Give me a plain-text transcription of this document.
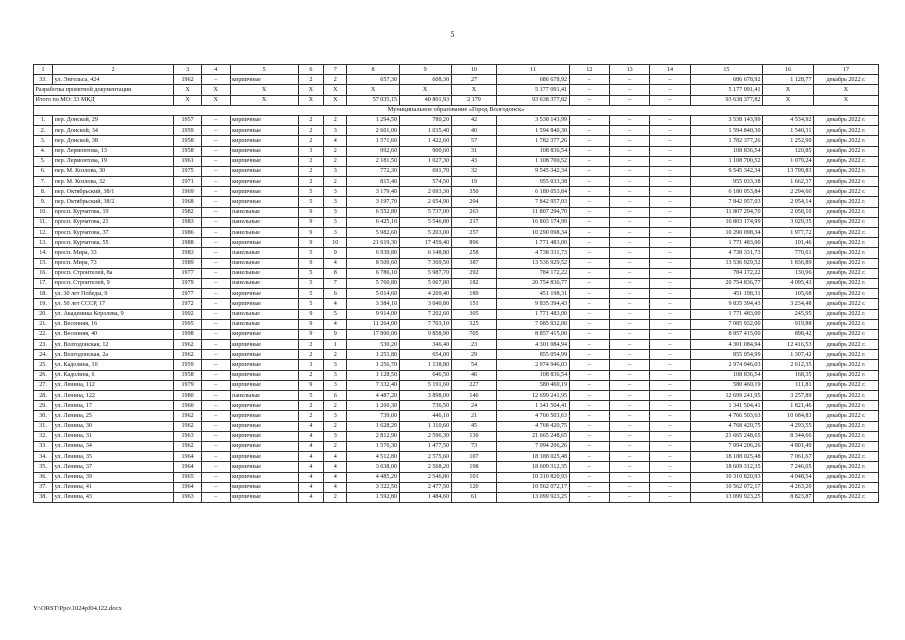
5
1	2	3	4	5	6	7	8	9	10	11	12	13	14	15	16	17
33.	ул. Энгельса, 424	1962	–	кирпичные	2	2	657,30	608,30	27	686 678,92	–	–	–	686 678,92	1 128,77	декабрь 2022 г.
Разработка проектной документации		X	X	X	X	X	X	X	X	5 177 091,41	–	–	–	5 177 091,41	X	X
Итого по МО: 33 МКД		X	X	X	X	X	57 035,15	40 801,93	2 179	93 638 377,82	–	–	–	93 638 377,82	X	X
Муниципальное образование «Город Волгодонск»																
1.	пер. Донской, 29	1957	–	кирпичные	2	2	1 294,50	780,20	42	3 538 143,99	–	–	–	3 538 143,99	4 534,92	декабрь 2022 г.
2.	пер. Донской, 34	1959	–	кирпичные	2	3	2 601,00	1 035,40	40	1 594 840,30	–	–	–	1 594 840,30	1 540,31	декабрь 2022 г.
3.	пер. Донской, 38	1958	–	кирпичные	2	4	1 571,60	1 422,60	57	1 782 377,26	–	–	–	1 782 377,26	1 252,90	декабрь 2022 г.
4.	пер. Лермонтова, 13	1958	–	кирпичные	3	2	992,60	900,60	31	108 836,54	–	–	–	108 836,54	120,85	декабрь 2022 г.
5.	пер. Лермонтова, 19	1961	–	кирпичные	2	2	2 181,50	1 027,30	43	1 108 700,52	–	–	–	1 108 700,52	1 079,24	декабрь 2022 г.
6.	пер. М. Козлова, 30	1975	–	кирпичные	2	3	772,30	691,70	32	9 545 342,34	–	–	–	9 545 342,34	13 799,83	декабрь 2022 г.
7.	пер. М. Козлова, 32	1971	–	кирпичные	2	2	815,40	574,50	19	955 033,38	–	–	–	955 033,38	1 662,37	декабрь 2022 г.
8.	пер. Октябрьский, 38/1	1969	–	кирпичные	5	3	3 179,40	2 693,30	350	6 180 053,84	–	–	–	6 180 053,84	2 294,60	декабрь 2022 г.
9.	пер. Октябрьский, 38/2	1968	–	кирпичные	5	3	3 197,70	2 654,90	204	7 842 957,03	–	–	–	7 842 957,03	2 954,14	декабрь 2022 г.
10.	просп. Курчатова, 19	1982	–	панельные	9	3	6 552,80	5 737,00	263	11 807 294,70	–	–	–	11 807 294,70	2 058,10	декабрь 2022 г.
11.	просп. Курчатова, 21	1983	–	панельные	9	3	6 425,10	5 546,80	217	16 803 174,99	–	–	–	16 803 174,99	3 029,35	декабрь 2022 г.
12.	просп. Курчатова, 37	1986	–	панельные	9	3	5 982,60	5 203,00	257	10 290 098,34	–	–	–	10 290 098,34	1 977,72	декабрь 2022 г.
13.	просп. Курчатова, 55	1988	–	кирпичные	9	10	21 619,30	17 459,40	896	1 771 483,00	–	–	–	1 771 483,00	101,46	декабрь 2022 г.
14.	просп. Мира, 33	1983	–	панельные	5	9	6 939,80	6 148,80	258	4 738 331,73	–	–	–	4 738 331,73	770,61	декабрь 2022 г.
15.	просп. Мира, 73	1989	–	панельные	9	4	8 509,60	7 369,50	387	13 536 929,52	–	–	–	13 536 929,52	1 836,89	декабрь 2022 г.
16.	просп. Строителей, 8а	1977	–	панельные	5	8	6 786,10	5 987,70	292	784 172,22	–	–	–	784 172,22	130,96	декабрь 2022 г.
17.	просп. Строителей, 9	1979	–	панельные	5	7	5 760,80	5 067,80	182	20 754 836,77	–	–	–	20 754 836,77	4 095,43	декабрь 2022 г.
18.	ул. 30 лет Победы, 9	1977	–	кирпичные	5	6	5 014,60	4 269,40	189	451 198,31	–	–	–	451 198,31	105,68	декабрь 2022 г.
19.	ул. 50 лет СССР, 17	1972	–	кирпичные	5	4	3 384,10	3 040,80	151	9 835 394,43	–	–	–	9 835 394,43	3 234,48	декабрь 2022 г.
20.	ул. Академика Королева, 9	1992	–	панельные	9	5	9 914,00	7 202,60	305	1 771 483,00	–	–	–	1 771 483,00	245,95	декабрь 2022 г.
21.	ул. Весенняя, 16	1995	–	панельные	9	4	11 264,00	7 703,10	325	7 085 932,00	–	–	–	7 085 932,00	919,88	декабрь 2022 г.
22.	ул. Весенняя, 40	1998	–	кирпичные	9	9	17 800,00	9 858,90	705	8 857 415,00	–	–	–	8 857 415,00	898,42	декабрь 2022 г.
23.	ул. Волгодонская, 12	1962	–	кирпичные	2	1	530,20	346,40	23	4 301 084,94	–	–	–	4 301 084,94	12 416,53	декабрь 2022 г.
24.	ул. Волгодонская, 2а	1962	–	кирпичные	2	2	1 253,80	654,00	29	855 054,99	–	–	–	855 054,99	1 307,42	декабрь 2022 г.
25.	ул. Кадолина, 10	1959	–	кирпичные	3	3	1 256,70	1 138,80	54	2 974 946,03	–	–	–	2 974 946,03	2 612,35	декабрь 2022 г.
26.	ул. Кадолина, 6	1958	–	кирпичные	2	3	1 128,50	646,50	46	108 836,54	–	–	–	108 836,54	168,35	декабрь 2022 г.
27.	ул. Ленина, 112	1979	–	кирпичные	9	3	7 332,40	5 191,60	227	580 460,19	–	–	–	580 460,19	111,81	декабрь 2022 г.
28.	ул. Ленина, 122	1980	–	панельные	5	6	4 487,20	3 898,00	146	12 699 241,95	–	–	–	12 699 241,95	3 257,89	декабрь 2022 г.
29.	ул. Ленина, 17	1960	–	кирпичные	2	2	1 260,30	736,50	24	1 341 504,41	–	–	–	1 341 504,41	1 821,46	декабрь 2022 г.
30.	ул. Ленина, 25	1962	–	кирпичные	2	3	739,00	446,10	21	4 766 503,63	–	–	–	4 766 503,63	10 684,83	декабрь 2022 г.
31.	ул. Ленина, 30	1962	–	кирпичные	4	2	1 628,20	1 110,60	45	4 768 420,75	–	–	–	4 768 420,75	4 293,55	декабрь 2022 г.
32.	ул. Ленина, 31	1963	–	кирпичные	4	3	2 812,90	2 596,30	130	21 665 248,65	–	–	–	21 665 248,65	8 344,66	декабрь 2022 г.
33.	ул. Ленина, 34	1962	–	кирпичные	4	2	1 576,30	1 477,50	73	7 094 206,26	–	–	–	7 094 206,26	4 801,49	декабрь 2022 г.
34.	ул. Ленина, 35	1964	–	кирпичные	4	4	4 512,80	2 575,60	107	18 188 025,48	–	–	–	18 188 025,48	7 061,67	декабрь 2022 г.
35.	ул. Ленина, 37	1964	–	кирпичные	4	4	3 638,00	2 568,20	198	18 609 312,35	–	–	–	18 609 312,35	7 246,05	декабрь 2022 г.
36.	ул. Ленина, 39	1965	–	кирпичные	4	4	4 485,20	2 546,80	101	10 310 820,93	–	–	–	10 310 820,93	4 048,54	декабрь 2022 г.
37.	ул. Ленина, 41	1964	–	кирпичные	4	4	3 322,50	2 477,50	120	10 562 072,17	–	–	–	10 562 072,17	4 263,20	декабрь 2022 г.
38.	ул. Ленина, 43	1963	–	кирпичные	4	2	1 592,80	1 484,60	61	13 099 923,25	–	–	–	13 099 923,25	8 823,87	декабрь 2022 г.
Y:\ORST\Ppo\1024pf04.f22.docx
